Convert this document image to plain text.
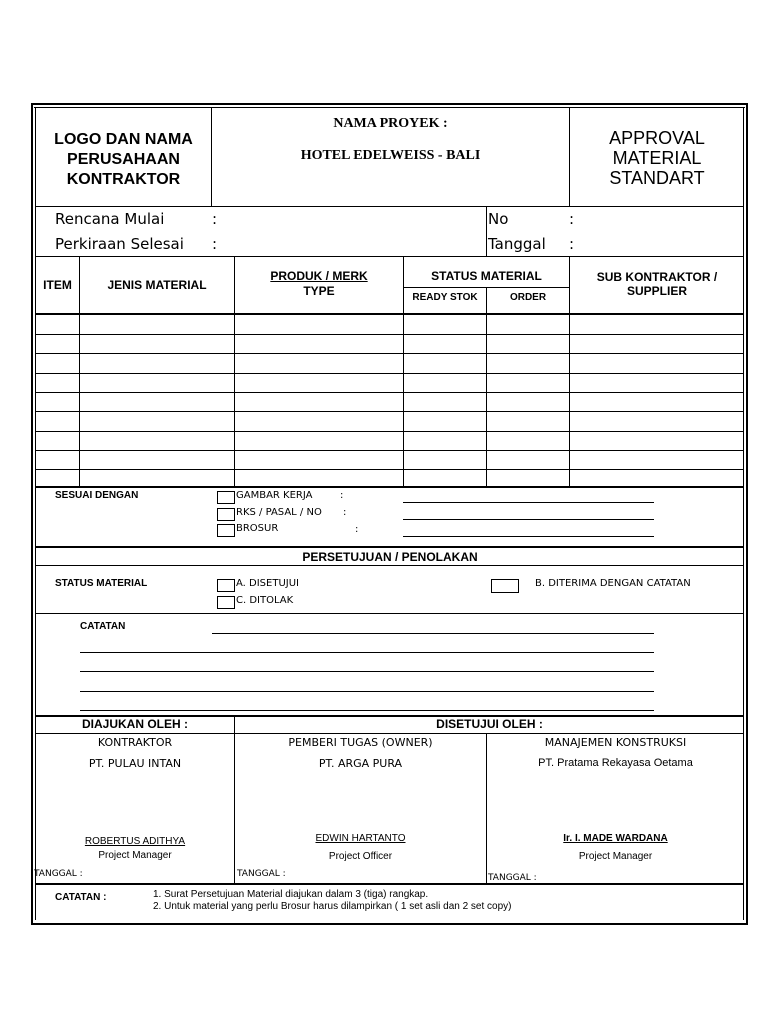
LOGO DAN NAMA
PERUSAHAAN
KONTRAKTOR
NAMA PROYEK :
HOTEL EDELWEISS - BALI
APPROVAL
MATERIAL
STANDART
Rencana Mulai	:
Perkiraan Selesai :
No	:
Tanggal :
ITEM	JENIS MATERIAL
PRODUK / MERK
TYPE
STATUS MATERIAL
READY STOK	ORDER
SUB KONTRAKTOR /
SUPPLIER
SESUAI DENGAN	GAMBAR KERJA	:
RKS / PASAL / NO :
BROSUR	:
PERSETUJUAN / PENOLAKAN
STATUS MATERIAL	A. DISETUJUI	B. DITERIMA DENGAN CATATAN
C. DITOLAK
CATATAN
DIAJUKAN OLEH :	DISETUJUI OLEH :
KONTRAKTOR
PT. PULAU INTAN
ROBERTUS ADITHYA
Project Manager
TANGGAL :
PEMBERI TUGAS (OWNER)
PT. ARGA PURA
EDWIN HARTANTO
Project Officer
TANGGAL :
MANAJEMEN KONSTRUKSI
PT. Pratama Rekayasa Oetama
Ir. I. MADE WARDANA
Project Manager
TANGGAL :
CATATAN :	1. Surat Persetujuan Material diajukan dalam 3 (tiga) rangkap.
2. Untuk material yang perlu Brosur harus dilampirkan ( 1 set asli dan 2 set copy)
